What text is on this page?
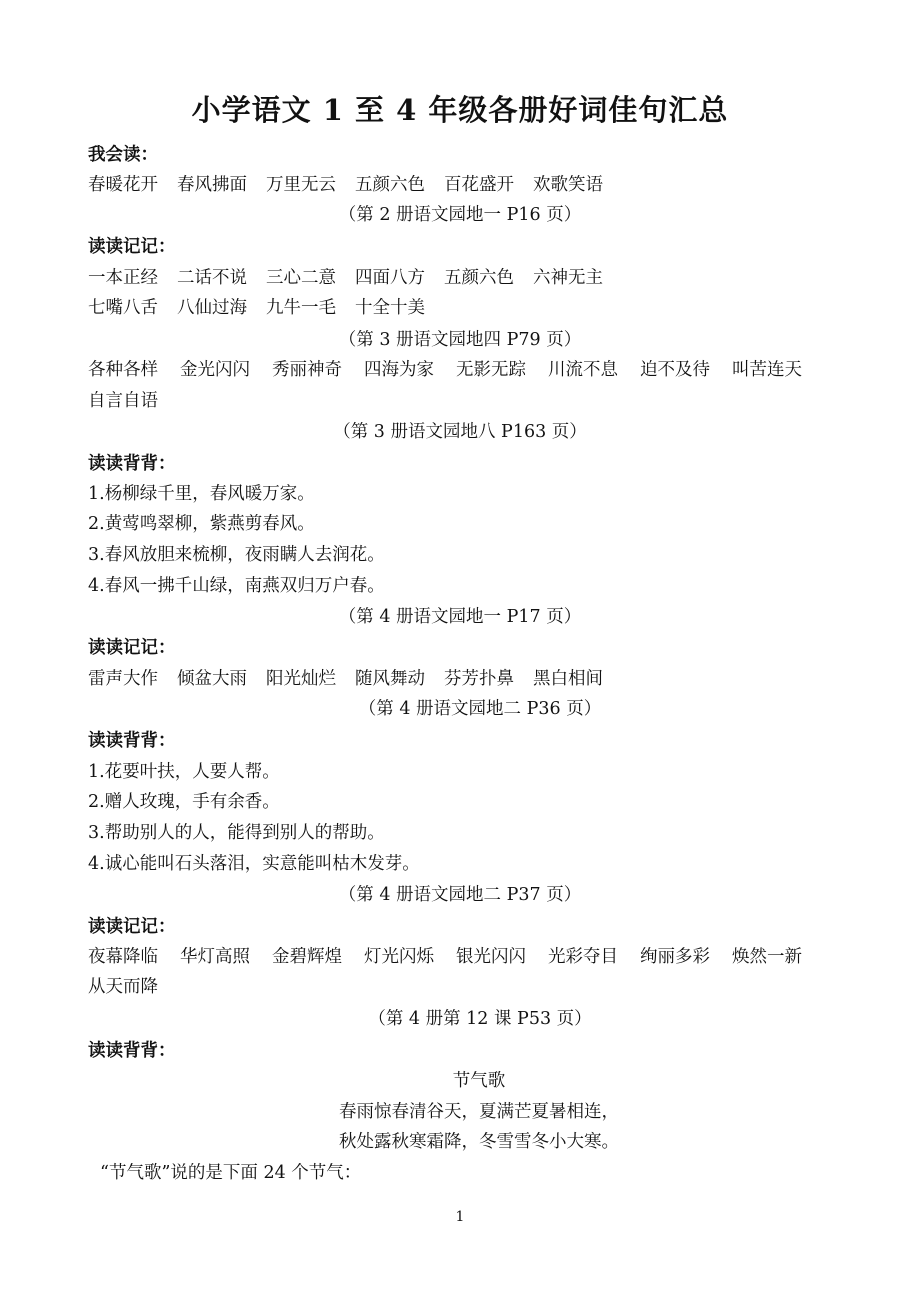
小学语文 1 至 4 年级各册好词佳句汇总
我会读：
春暖花开 春风拂面 万里无云 五颜六色 百花盛开 欢歌笑语
（第 2 册语文园地一 P16 页）
读读记记：
一本正经 二话不说 三心二意 四面八方 五颜六色 六神无主
七嘴八舌 八仙过海 九牛一毛 十全十美
（第 3 册语文园地四 P79 页）
各种各样 金光闪闪 秀丽神奇 四海为家 无影无踪 川流不息 迫不及待 叫苦连天
自言自语
（第 3 册语文园地八 P163 页）
读读背背：
1.杨柳绿千里，春风暖万家。
2.黄莺鸣翠柳，紫燕剪春风。
3.春风放胆来梳柳，夜雨瞒人去润花。
4.春风一拂千山绿，南燕双归万户春。
（第 4 册语文园地一 P17 页）
读读记记：
雷声大作 倾盆大雨 阳光灿烂 随风舞动 芬芳扑鼻 黑白相间
（第 4 册语文园地二 P36 页）
读读背背：
1.花要叶扶，人要人帮。
2.赠人玫瑰，手有余香。
3.帮助别人的人，能得到别人的帮助。
4.诚心能叫石头落泪，实意能叫枯木发芽。
（第 4 册语文园地二 P37 页）
读读记记：
夜幕降临 华灯高照 金碧辉煌 灯光闪烁 银光闪闪 光彩夺目 绚丽多彩 焕然一新
从天而降
（第 4 册第 12 课 P53 页）
读读背背：
节气歌
春雨惊春清谷天，夏满芒夏暑相连，
秋处露秋寒霜降，冬雪雪冬小大寒。
“节气歌”说的是下面 24 个节气：
1
